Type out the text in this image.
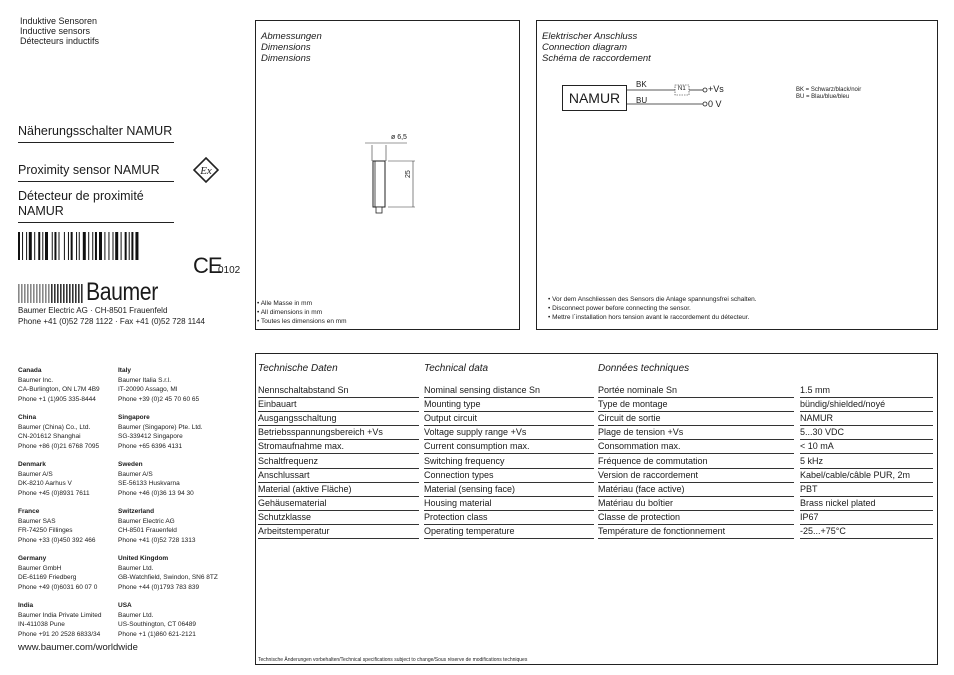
Induktive Sensoren
Inductive sensors
Détecteurs inductifs
Näherungsschalter NAMUR
Proximity sensor NAMUR
Détecteur de proximité NAMUR
Ex
CE
0102
Baumer
Baumer Electric AG · CH-8501 Frauenfeld
Phone +41 (0)52 728 1122 · Fax +41 (0)52 728 1144
Abmessungen
Dimensions
Dimensions
ø 6,5
25
• Alle Masse in mm
• All dimensions in mm
• Toutes les dimensions en mm
Elektrischer Anschluss
Connection diagram
Schéma de raccordement
NAMUR
BK
BU
N1 +Vs
0 V
BK = Schwarz/black/noir
BU = Blau/blue/bleu
• Vor dem Anschliessen des Sensors die Anlage spannungsfrei schalten.
• Disconnect power before connecting the sensor.
• Mettre l´installation hors tension avant le raccordement du détecteur.
Canada
Baumer Inc.
CA-Burlington, ON L7M 4B9
Phone +1 (1)905 335-8444
Italy
Baumer Italia S.r.l.
IT-20090 Assago, MI
Phone +39 (0)2 45 70 60 65
China
Baumer (China) Co., Ltd.
CN-201612 Shanghai
Phone +86 (0)21 6768 7095
Singapore
Baumer (Singapore) Pte. Ltd.
SG-339412 Singapore
Phone +65 6396 4131
Denmark
Baumer A/S
DK-8210 Aarhus V
Phone +45 (0)8931 7611
Sweden
Baumer A/S
SE-56133 Huskvarna
Phone +46 (0)36 13 94 30
France
Baumer SAS
FR-74250 Fillinges
Phone +33 (0)450 392 466
Switzerland
Baumer Electric AG
CH-8501 Frauenfeld
Phone +41 (0)52 728 1313
Germany
Baumer GmbH
DE-61169 Friedberg
Phone +49 (0)6031 60 07 0
United Kingdom
Baumer Ltd.
GB-Watchfield, Swindon, SN6 8TZ
Phone +44 (0)1793 783 839
India
Baumer India Private Limited
IN-411038 Pune
Phone +91 20 2528 6833/34
USA
Baumer Ltd.
US-Southington, CT 06489
Phone +1 (1)860 621-2121
www.baumer.com/worldwide
Technische Daten	Technical data	Données techniques
Nennschaltabstand Sn	Nominal sensing distance Sn	Portée nominale Sn	1.5 mm
Einbauart	Mounting type	Type de montage	bündig/shielded/noyé
Ausgangsschaltung	Output circuit	Circuit de sortie	NAMUR
Betriebsspannungsbereich +Vs	Voltage supply range +Vs	Plage de tension +Vs	5...30 VDC
Stromaufnahme max.	Current consumption max.	Consommation max.	< 10 mA
Schaltfrequenz	Switching frequency	Fréquence de commutation	5 kHz
Anschlussart	Connection types	Version de raccordement	Kabel/cable/câble PUR, 2m
Material (aktive Fläche)	Material (sensing face)	Matériau (face active)	PBT
Gehäusematerial	Housing material	Matériau du boîtier	Brass nickel plated
Schutzklasse	Protection class	Classe de protection	IP67
Arbeitstemperatur	Operating temperature	Température de fonctionnement	-25...+75°C
Technische Änderungen vorbehalten/Technical specifications subject to change/Sous réserve de modifications techniques
